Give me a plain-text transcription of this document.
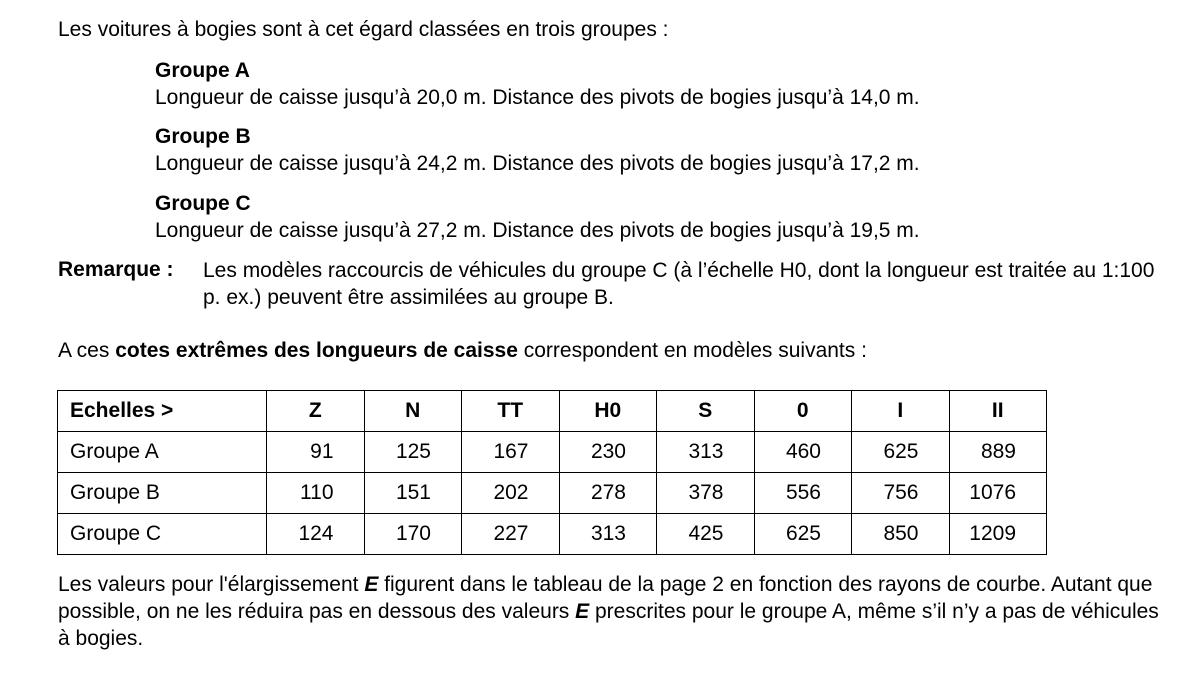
Les voitures à bogies sont à cet égard classées en trois groupes :
Groupe A
Longueur de caisse jusqu’à 20,0 m. Distance des pivots de bogies jusqu’à 14,0 m.
Groupe B
Longueur de caisse jusqu’à 24,2 m. Distance des pivots de bogies jusqu’à 17,2 m.
Groupe C
Longueur de caisse jusqu’à 27,2 m. Distance des pivots de bogies jusqu’à 19,5 m.
Remarque : Les modèles raccourcis de véhicules du groupe C (à l’échelle H0, dont la longueur est traitée au 1:100 p. ex.) peuvent être assimilées au groupe B.
A ces cotes extrêmes des longueurs de caisse correspondent en modèles suivants :
Echelles >	Z	N	TT	H0	S	0	I	II
Groupe A	91	125	167	230	313	460	625	889
Groupe B	110	151	202	278	378	556	756	1076
Groupe C	124	170	227	313	425	625	850	1209
Les valeurs pour l'élargissement E figurent dans le tableau de la page 2 en fonction des rayons de courbe. Autant que possible, on ne les réduira pas en dessous des valeurs E prescrites pour le groupe A, même s’il n’y a pas de véhicules à bogies.
